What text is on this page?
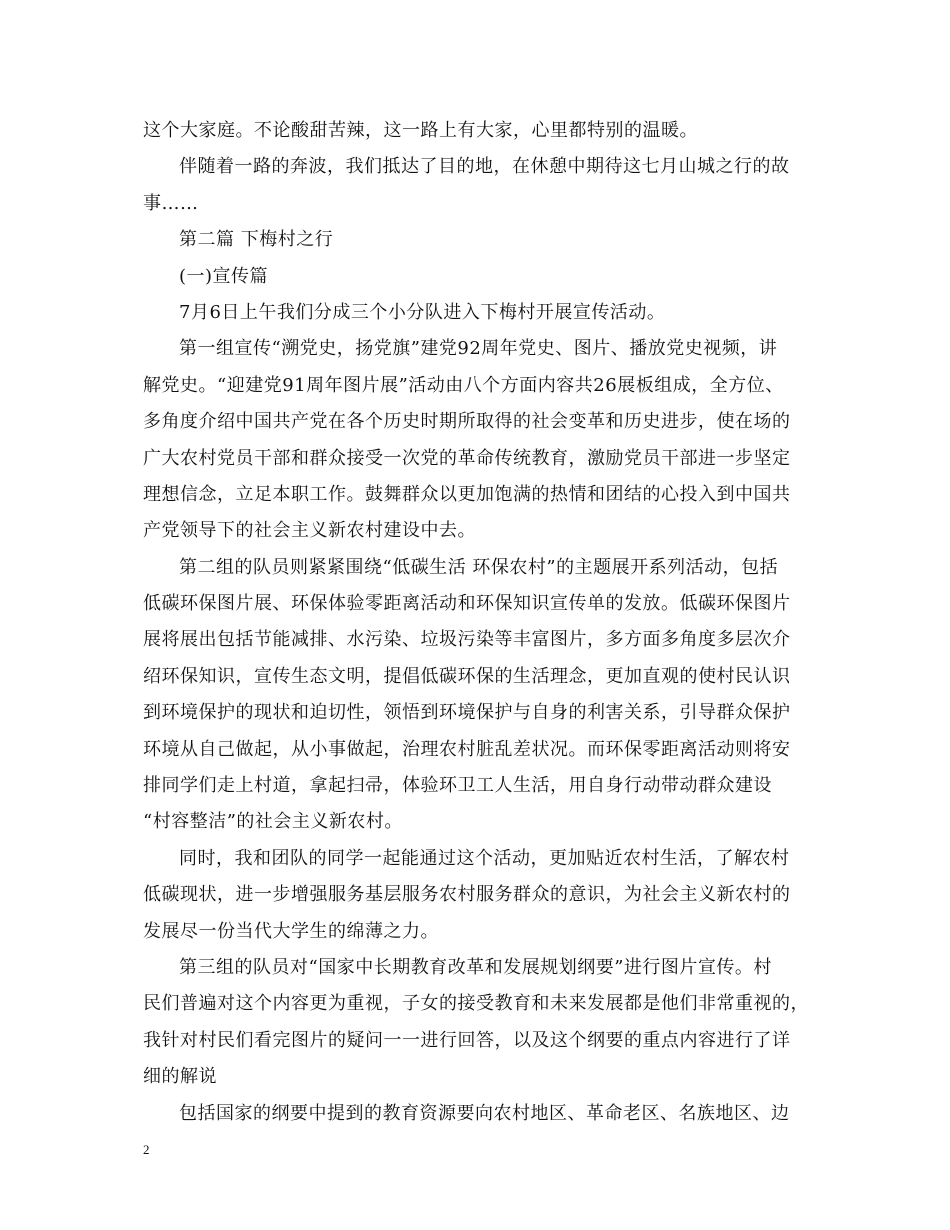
这个大家庭。不论酸甜苦辣，这一路上有大家，心里都特别的温暖。
伴随着一路的奔波，我们抵达了目的地，在休憩中期待这七月山城之行的故
事……
第二篇 下梅村之行
(一)宣传篇
7月6日上午我们分成三个小分队进入下梅村开展宣传活动。
第一组宣传“溯党史，扬党旗”建党92周年党史、图片、播放党史视频，讲
解党史。“迎建党91周年图片展”活动由八个方面内容共26展板组成，全方位、
多角度介绍中国共产党在各个历史时期所取得的社会变革和历史进步，使在场的
广大农村党员干部和群众接受一次党的革命传统教育，激励党员干部进一步坚定
理想信念，立足本职工作。鼓舞群众以更加饱满的热情和团结的心投入到中国共
产党领导下的社会主义新农村建设中去。
第二组的队员则紧紧围绕“低碳生活 环保农村”的主题展开系列活动，包括
低碳环保图片展、环保体验零距离活动和环保知识宣传单的发放。低碳环保图片
展将展出包括节能减排、水污染、垃圾污染等丰富图片，多方面多角度多层次介
绍环保知识，宣传生态文明，提倡低碳环保的生活理念，更加直观的使村民认识
到环境保护的现状和迫切性，领悟到环境保护与自身的利害关系，引导群众保护
环境从自己做起，从小事做起，治理农村脏乱差状况。而环保零距离活动则将安
排同学们走上村道，拿起扫帚，体验环卫工人生活，用自身行动带动群众建设
“村容整洁”的社会主义新农村。
同时，我和团队的同学一起能通过这个活动，更加贴近农村生活，了解农村
低碳现状，进一步增强服务基层服务农村服务群众的意识，为社会主义新农村的
发展尽一份当代大学生的绵薄之力。
第三组的队员对“国家中长期教育改革和发展规划纲要”进行图片宣传。村
民们普遍对这个内容更为重视，子女的接受教育和未来发展都是他们非常重视的，
我针对村民们看完图片的疑问一一进行回答，以及这个纲要的重点内容进行了详
细的解说
包括国家的纲要中提到的教育资源要向农村地区、革命老区、名族地区、边
2
